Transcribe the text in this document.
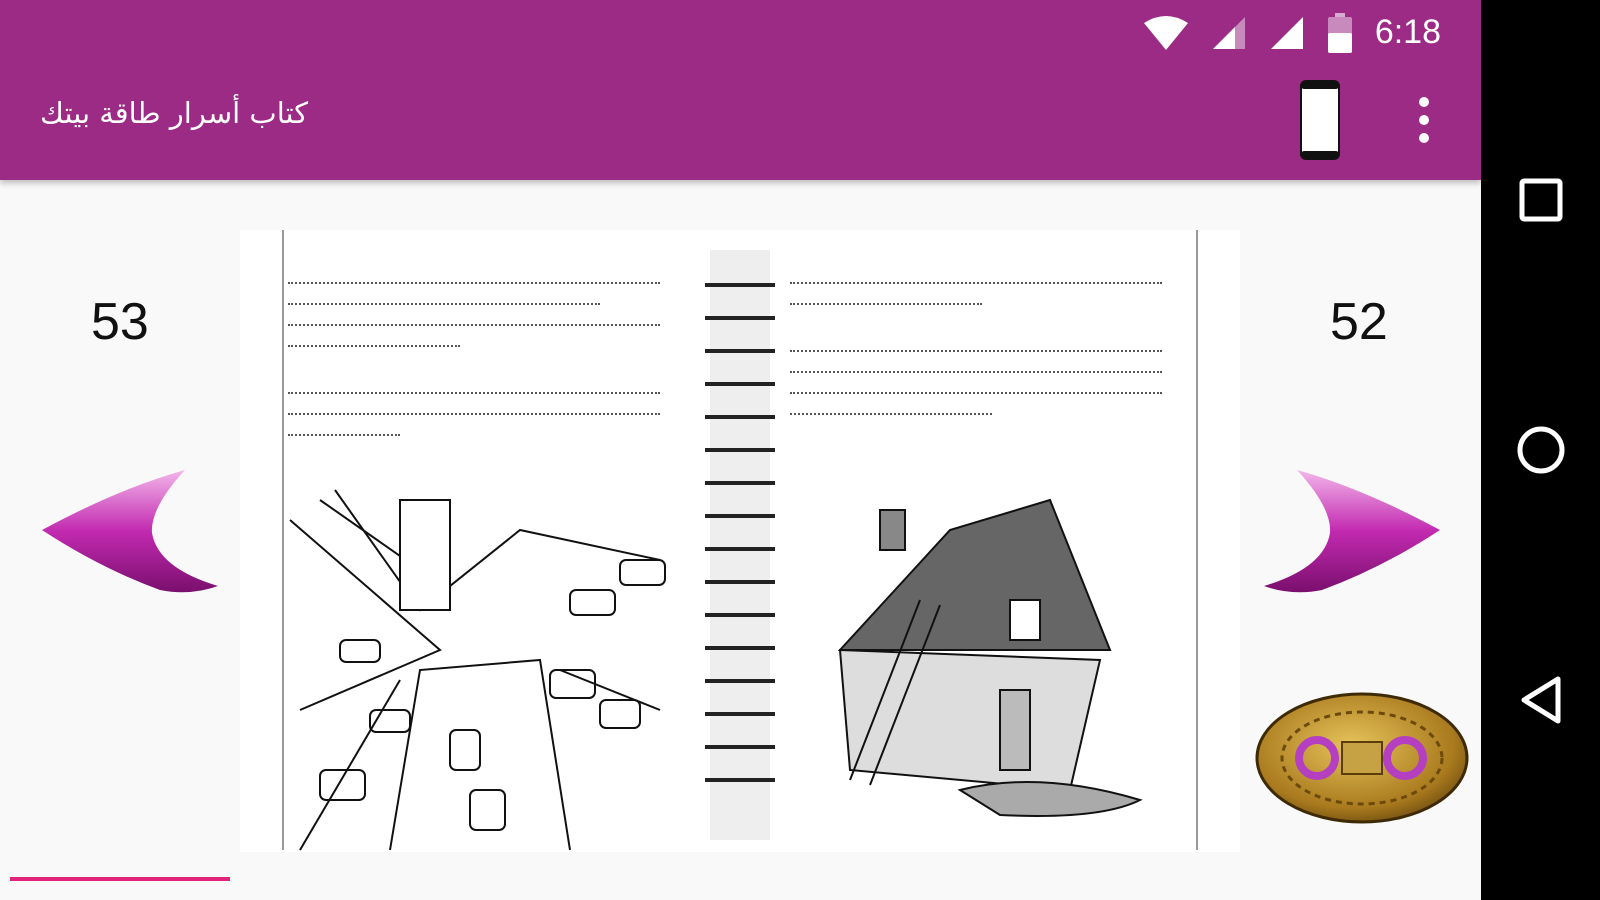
6:18
كتاب أسرار طاقة بيتك
53	52
